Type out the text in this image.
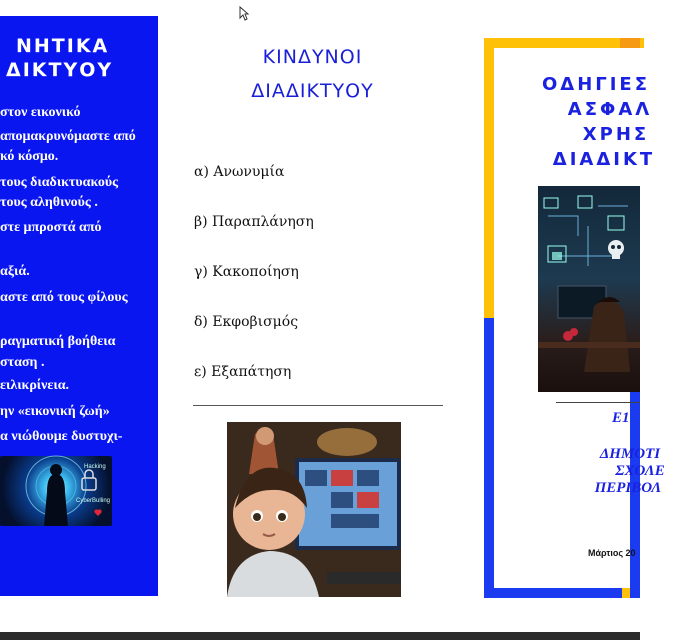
ΝΗΤΙΚΑ
ΔΙΚΤΥΟΥ
στον εικονικό
απομακρυνόμαστε από
κό κόσμο.
τους διαδικτυακούς
τους αληθινούς .
στε μπροστά από
αξιά.
αστε από τους φίλους
ραγματική βοήθεια
σταση .
ειλικρίνεια.
ην «εικονική ζωή»
α νιώθουμε δυστυχι-
Hacking
CyberBulling
ΚΙΝΔΥΝΟΙ
ΔΙΑΔΙΚΤΥΟΥ
α) Ανωνυμία
β) Παραπλάνηση
γ) Κακοποίηση
δ) Εκφοβισμός
ε) Εξαπάτηση
ΟΔΗΓΙΕΣ
ΑΣΦΑΛ
ΧΡΗΣ
ΔΙΑΔΙΚΤ
Ε1
ΔΗΜΟΤΙ
ΣΧΟΛΕ
ΠΕΡΙΒΟΛ
Μάρτιος 20
